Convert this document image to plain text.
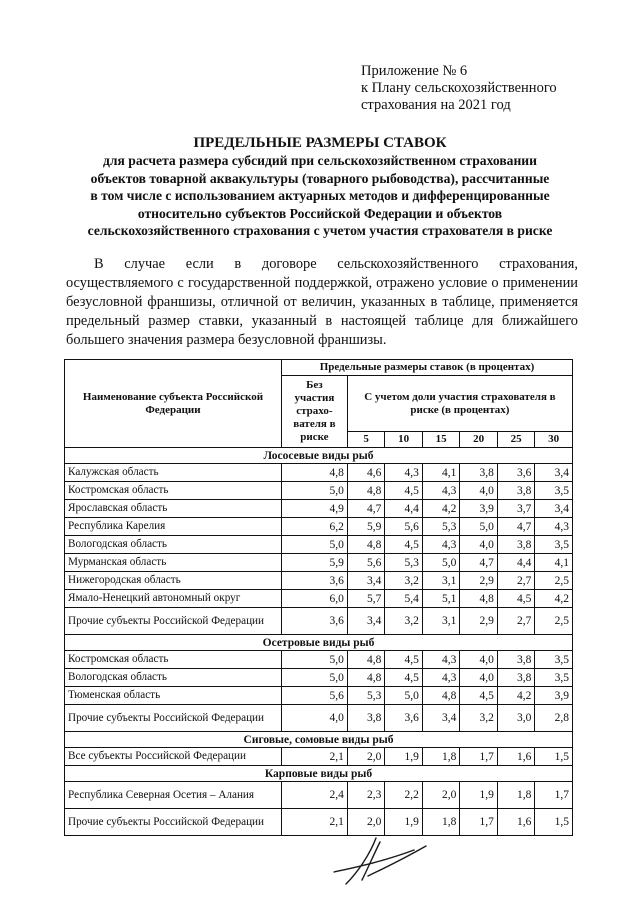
Приложение № 6
к Плану сельскохозяйственного
страхования на 2021 год
ПРЕДЕЛЬНЫЕ РАЗМЕРЫ СТАВОК
для расчета размера субсидий при сельскохозяйственном страховании
объектов товарной аквакультуры (товарного рыбоводства), рассчитанные
в том числе с использованием актуарных методов и дифференцированные
относительно субъектов Российской Федерации и объектов
сельскохозяйственного страхования с учетом участия страхователя в риске

В случае если в договоре сельскохозяйственного страхования, осуществляемого с государственной поддержкой, отражено условие о применении безусловной франшизы, отличной от величин, указанных в таблице, применяется предельный размер ставки, указанный в настоящей таблице для ближайшего большего значения размера безусловной франшизы.

Наименование субъекта Российской Федерации	Предельные размеры ставок (в процентах)						
	Без участия страхо-вателя в риске	С учетом доли участия страхователя в риске (в процентах)					
		5	10	15	20	25	30
Лососевые виды рыб							
Калужская область	4,8	4,6	4,3	4,1	3,8	3,6	3,4
Костромская область	5,0	4,8	4,5	4,3	4,0	3,8	3,5
Ярославская область	4,9	4,7	4,4	4,2	3,9	3,7	3,4
Республика Карелия	6,2	5,9	5,6	5,3	5,0	4,7	4,3
Вологодская область	5,0	4,8	4,5	4,3	4,0	3,8	3,5
Мурманская область	5,9	5,6	5,3	5,0	4,7	4,4	4,1
Нижегородская область	3,6	3,4	3,2	3,1	2,9	2,7	2,5
Ямало-Ненецкий автономный округ	6,0	5,7	5,4	5,1	4,8	4,5	4,2
Прочие субъекты Российской Федерации	3,6	3,4	3,2	3,1	2,9	2,7	2,5
Осетровые виды рыб							
Костромская область	5,0	4,8	4,5	4,3	4,0	3,8	3,5
Вологодская область	5,0	4,8	4,5	4,3	4,0	3,8	3,5
Тюменская область	5,6	5,3	5,0	4,8	4,5	4,2	3,9
Прочие субъекты Российской Федерации	4,0	3,8	3,6	3,4	3,2	3,0	2,8
Сиговые, сомовые виды рыб							
Все субъекты Российской Федерации	2,1	2,0	1,9	1,8	1,7	1,6	1,5
Карповые виды рыб							
Республика Северная Осетия – Алания	2,4	2,3	2,2	2,0	1,9	1,8	1,7
Прочие субъекты Российской Федерации	2,1	2,0	1,9	1,8	1,7	1,6	1,5
